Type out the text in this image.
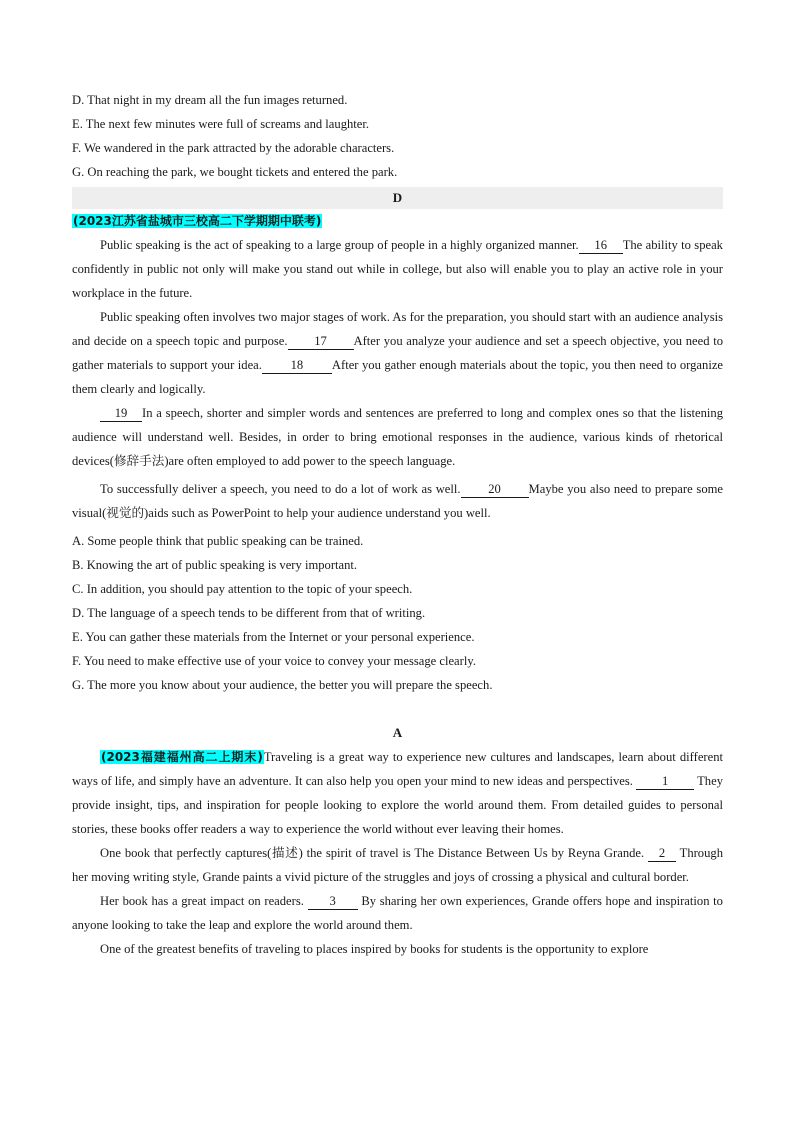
D. That night in my dream all the fun images returned.
E. The next few minutes were full of screams and laughter.
F. We wandered in the park attracted by the adorable characters.
G. On reaching the park, we bought tickets and entered the park.
D
(2023江苏省盐城市三校高二下学期期中联考)

Public speaking is the act of speaking to a large group of people in a highly organized manner. 16 The ability to speak confidently in public not only will make you stand out while in college, but also will enable you to play an active role in your workplace in the future.

Public speaking often involves two major stages of work. As for the preparation, you should start with an audience analysis and decide on a speech topic and purpose. 17 After you analyze your audience and set a speech objective, you need to gather materials to support your idea. 18 After you gather enough materials about the topic, you then need to organize them clearly and logically.

19 In a speech, shorter and simpler words and sentences are preferred to long and complex ones so that the listening audience will understand well. Besides, in order to bring emotional responses in the audience, various kinds of rhetorical devices(修辞手法)are often employed to add power to the speech language.

To successfully deliver a speech, you need to do a lot of work as well. 20 Maybe you also need to prepare some visual(视觉的)aids such as PowerPoint to help your audience understand you well.

A. Some people think that public speaking can be trained.
B. Knowing the art of public speaking is very important.
C. In addition, you should pay attention to the topic of your speech.
D. The language of a speech tends to be different from that of writing.
E. You can gather these materials from the Internet or your personal experience.
F. You need to make effective use of your voice to convey your message clearly.
G. The more you know about your audience, the better you will prepare the speech.
A

(2023福建福州高二上期末)Traveling is a great way to experience new cultures and landscapes, learn about different ways of life, and simply have an adventure. It can also help you open your mind to new ideas and perspectives. 1 They provide insight, tips, and inspiration for people looking to explore the world around them. From detailed guides to personal stories, these books offer readers a way to experience the world without ever leaving their homes.

One book that perfectly captures(描述) the spirit of travel is The Distance Between Us by Reyna Grande. 2 Through her moving writing style, Grande paints a vivid picture of the struggles and joys of crossing a physical and cultural border.

Her book has a great impact on readers. 3 By sharing her own experiences, Grande offers hope and inspiration to anyone looking to take the leap and explore the world around them.

One of the greatest benefits of traveling to places inspired by books for students is the opportunity to explore
